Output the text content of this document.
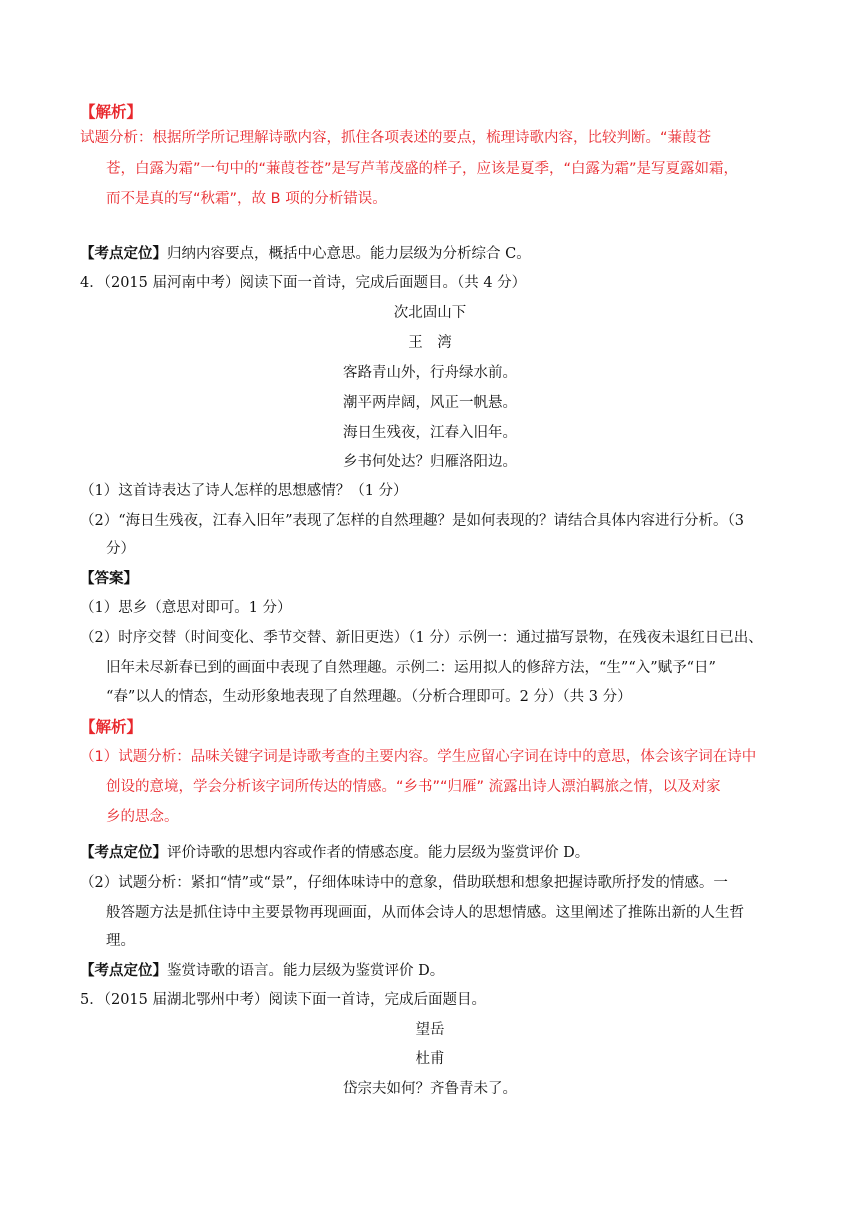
【解析】
试题分析：根据所学所记理解诗歌内容，抓住各项表述的要点，梳理诗歌内容，比较判断。“蒹葭苍
苍，白露为霜”一句中的“蒹葭苍苍”是写芦苇茂盛的样子，应该是夏季，“白露为霜”是写夏露如霜，
而不是真的写“秋霜”，故 B 项的分析错误。
【考点定位】归纳内容要点，概括中心意思。能力层级为分析综合 C。
4．（2015 届河南中考）阅读下面一首诗，完成后面题目。（共 4 分）
次北固山下
王　湾
客路青山外，行舟绿水前。
潮平两岸阔，风正一帆悬。
海日生残夜，江春入旧年。
乡书何处达？归雁洛阳边。
（1）这首诗表达了诗人怎样的思想感情？（1 分）
（2）“海日生残夜，江春入旧年”表现了怎样的自然理趣？是如何表现的？请结合具体内容进行分析。（3
分）
【答案】
（1）思乡（意思对即可。1 分）
（2）时序交替（时间变化、季节交替、新旧更迭）（1 分）示例一：通过描写景物，在残夜未退红日已出、
旧年未尽新春已到的画面中表现了自然理趣。示例二：运用拟人的修辞方法，“生”“入”赋予“日”
“春”以人的情态，生动形象地表现了自然理趣。（分析合理即可。2 分）（共 3 分）
【解析】
（1）试题分析：品味关键字词是诗歌考查的主要内容。学生应留心字词在诗中的意思，体会该字词在诗中
创设的意境，学会分析该字词所传达的情感。“乡书”“归雁” 流露出诗人漂泊羁旅之情，以及对家
乡的思念。
【考点定位】评价诗歌的思想内容或作者的情感态度。能力层级为鉴赏评价 D。
（2）试题分析：紧扣“情”或“景”，仔细体味诗中的意象，借助联想和想象把握诗歌所抒发的情感。一
般答题方法是抓住诗中主要景物再现画面，从而体会诗人的思想情感。这里阐述了推陈出新的人生哲
理。
【考点定位】鉴赏诗歌的语言。能力层级为鉴赏评价 D。
5．（2015 届湖北鄂州中考）阅读下面一首诗，完成后面题目。
望岳
杜甫
岱宗夫如何？齐鲁青未了。
